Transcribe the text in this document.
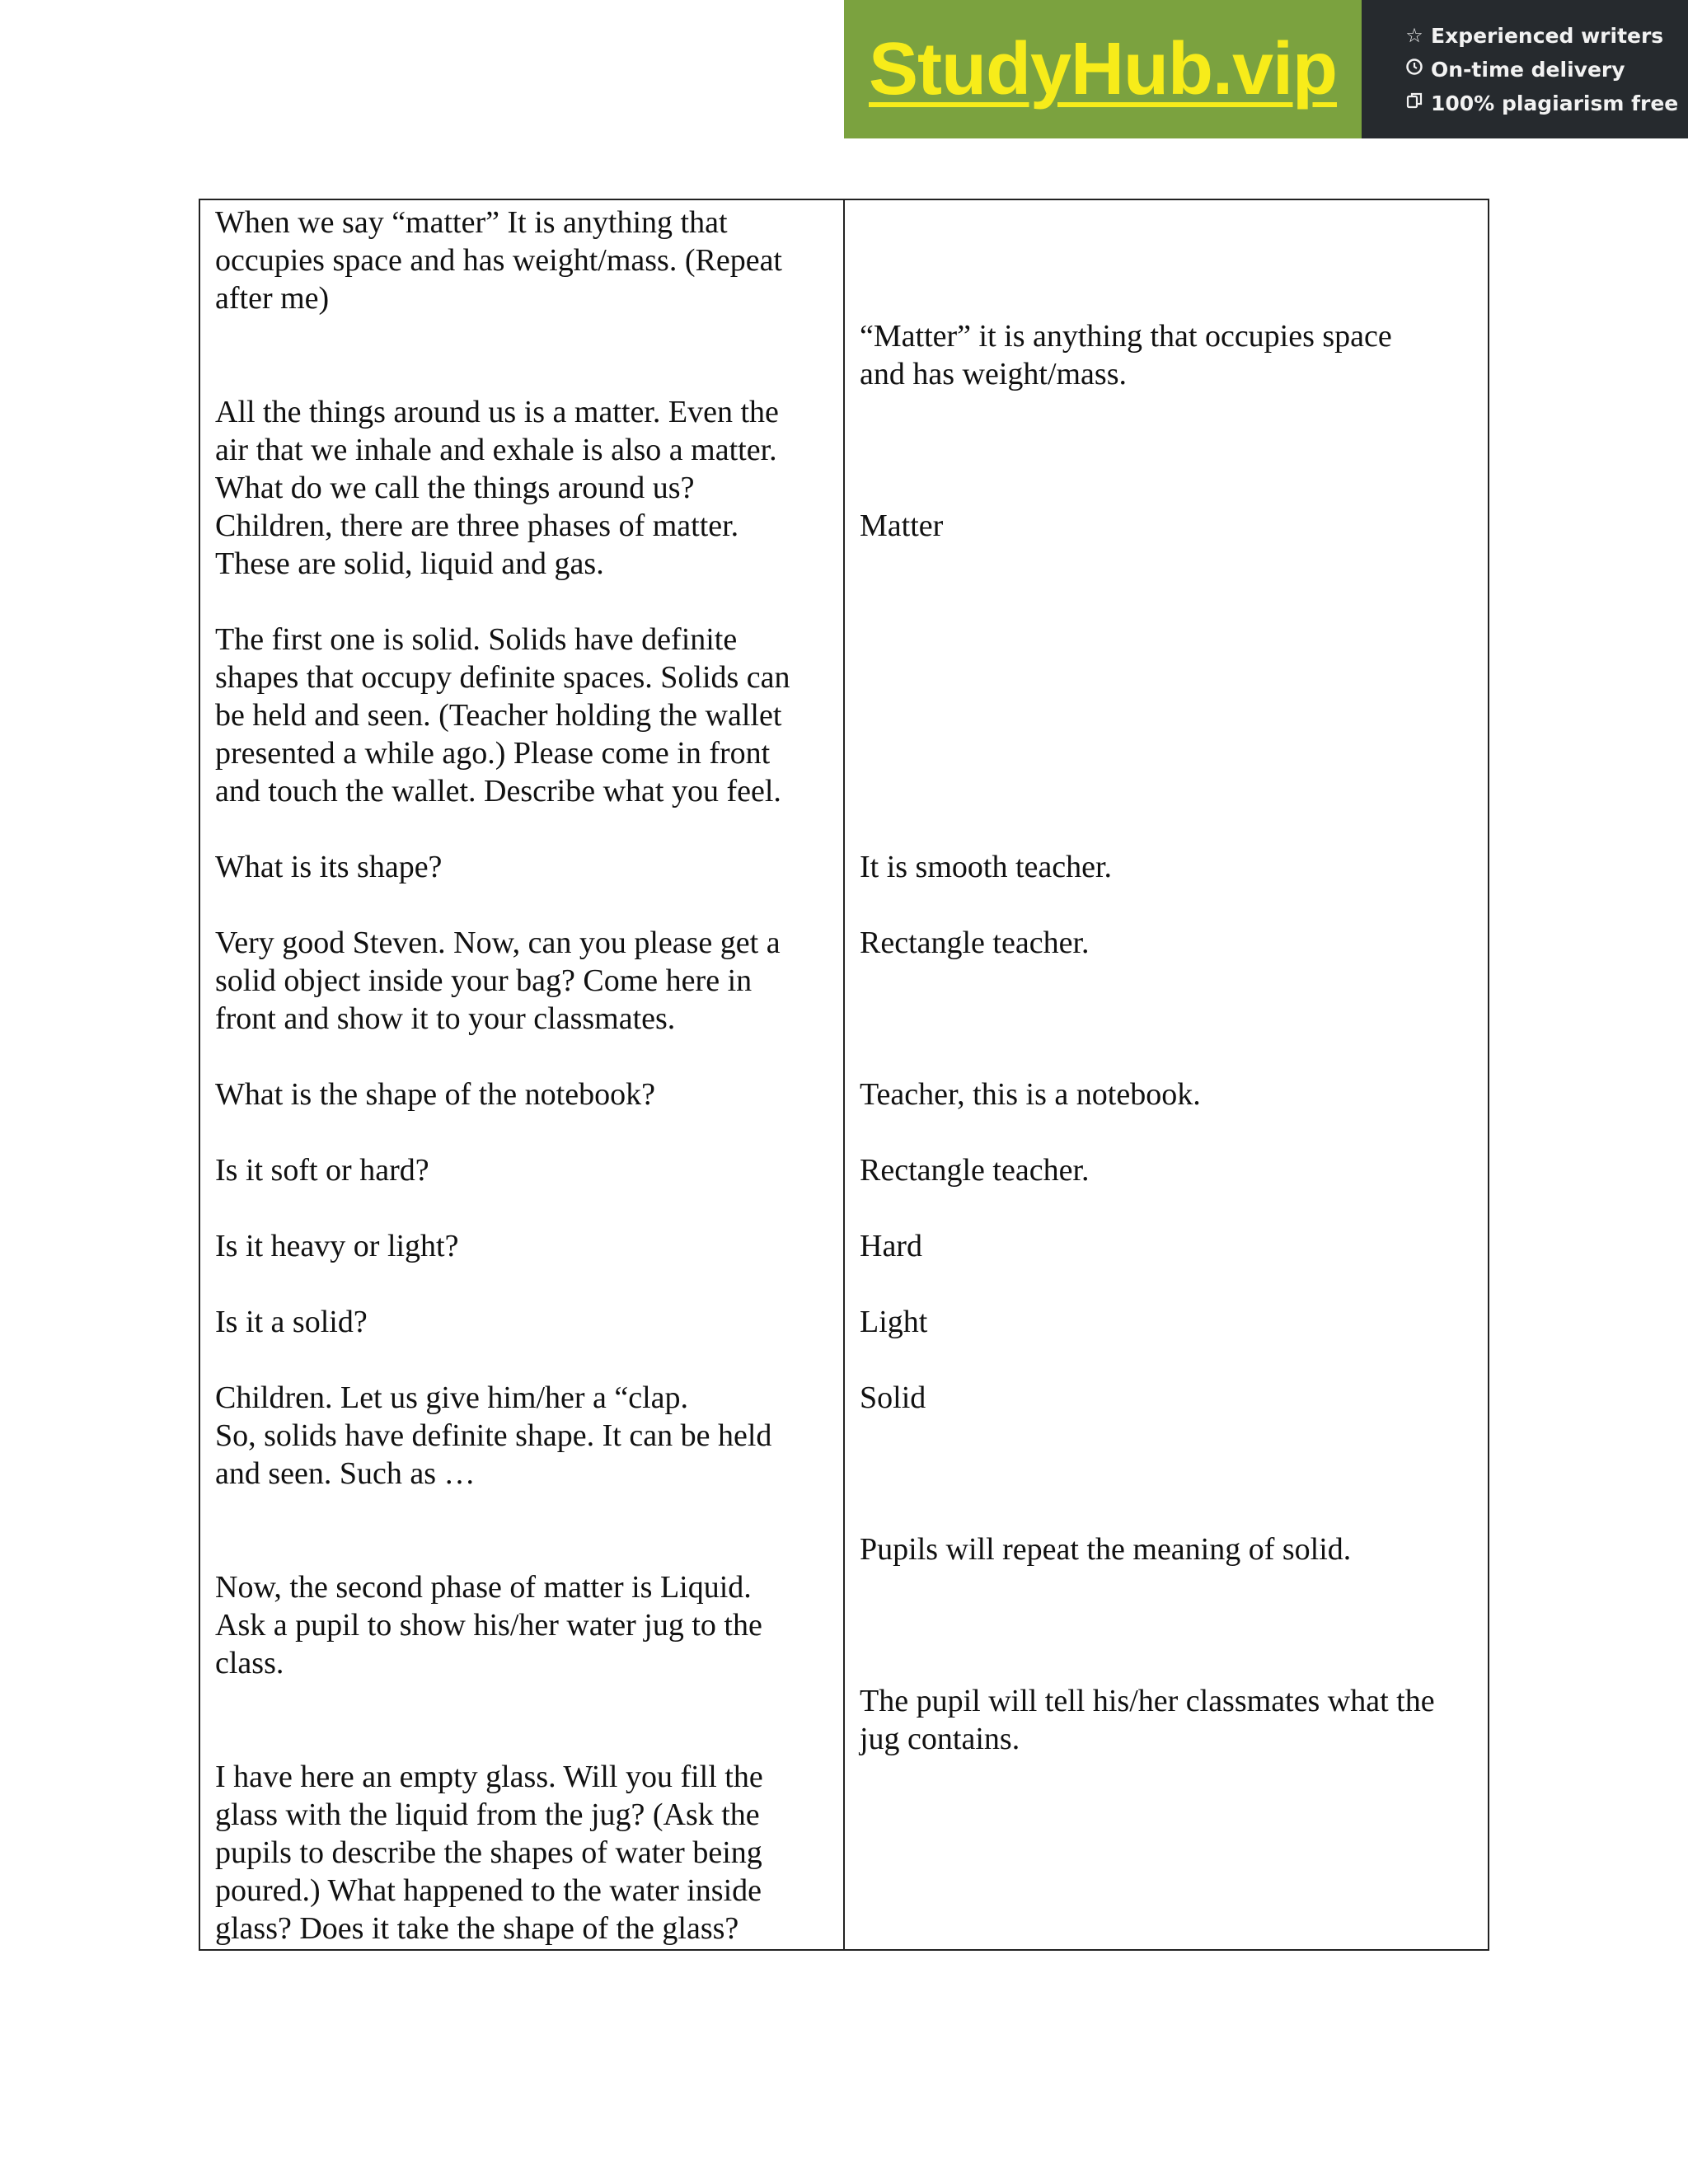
StudyHub.vip	☆ Experienced writers
On-time delivery
100% plagiarism free

When we say “matter” It is anything that
occupies space and has weight/mass. (Repeat
after me)

All the things around us is a matter. Even the
air that we inhale and exhale is also a matter.
What do we call the things around us?

Children, there are three phases of matter.
These are solid, liquid and gas.

The first one is solid. Solids have definite
shapes that occupy definite spaces. Solids can
be held and seen. (Teacher holding the wallet
presented a while ago.) Please come in front
and touch the wallet. Describe what you feel.

What is its shape?

Very good Steven. Now, can you please get a
solid object inside your bag? Come here in
front and show it to your classmates.

What is the shape of the notebook?

Is it soft or hard?

Is it heavy or light?

Is it a solid?

Children. Let us give him/her a “clap.
So, solids have definite shape. It can be held
and seen. Such as …

Now, the second phase of matter is Liquid.
Ask a pupil to show his/her water jug to the
class.

I have here an empty glass. Will you fill the
glass with the liquid from the jug? (Ask the
pupils to describe the shapes of water being
poured.) What happened to the water inside
glass? Does it take the shape of the glass?

“Matter” it is anything that occupies space
and has weight/mass.

Matter

It is smooth teacher.

Rectangle teacher.

Teacher, this is a notebook.

Rectangle teacher.

Hard

Light

Solid

Pupils will repeat the meaning of solid.

The pupil will tell his/her classmates what the
jug contains.
